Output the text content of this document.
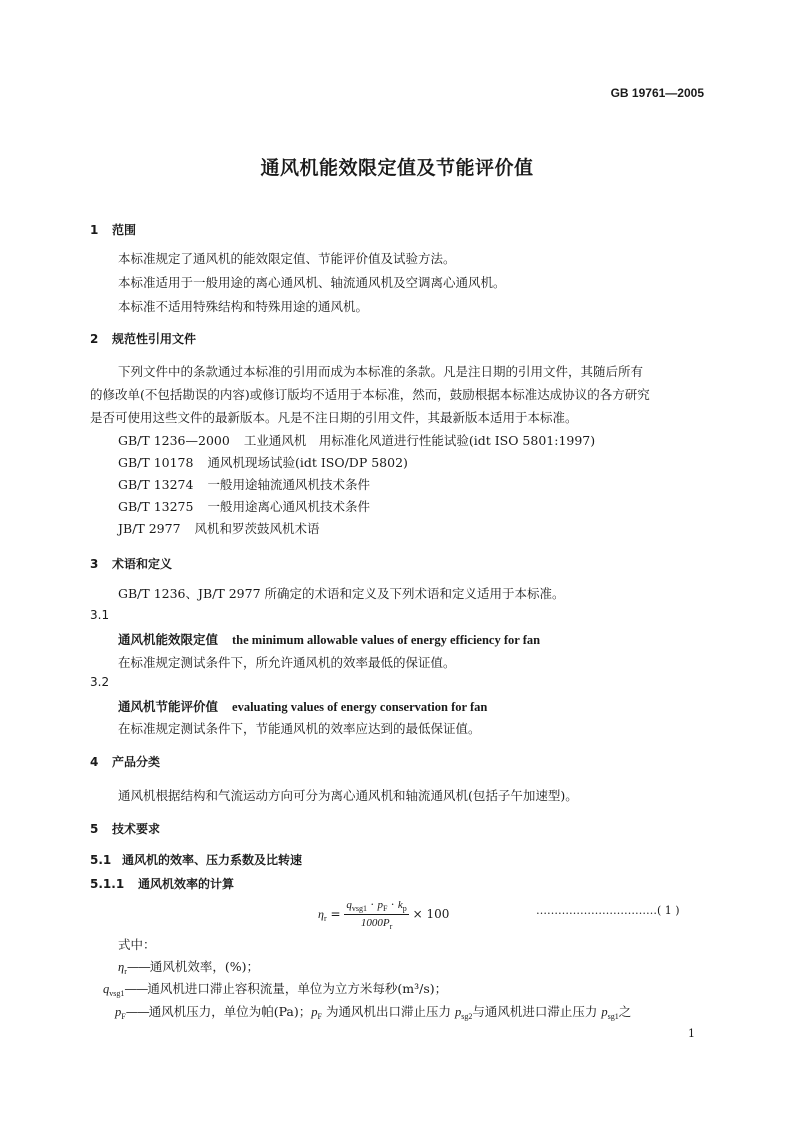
GB 19761—2005
通风机能效限定值及节能评价值
1 范围
本标准规定了通风机的能效限定值、节能评价值及试验方法。
本标准适用于一般用途的离心通风机、轴流通风机及空调离心通风机。
本标准不适用特殊结构和特殊用途的通风机。
2 规范性引用文件
下列文件中的条款通过本标准的引用而成为本标准的条款。凡是注日期的引用文件，其随后所有
的修改单(不包括勘误的内容)或修订版均不适用于本标准，然而，鼓励根据本标准达成协议的各方研究
是否可使用这些文件的最新版本。凡是不注日期的引用文件，其最新版本适用于本标准。
GB/T 1236—2000 工业通风机　用标准化风道进行性能试验(idt ISO 5801:1997)
GB/T 10178 通风机现场试验(idt ISO/DP 5802)
GB/T 13274 一般用途轴流通风机技术条件
GB/T 13275 一般用途离心通风机技术条件
JB/T 2977 风机和罗茨鼓风机术语
3 术语和定义
GB/T 1236、JB/T 2977 所确定的术语和定义及下列术语和定义适用于本标准。
3.1
通风机能效限定值 the minimum allowable values of energy efficiency for fan
在标准规定测试条件下，所允许通风机的效率最低的保证值。
3.2
通风机节能评价值 evaluating values of energy conservation for fan
在标准规定测试条件下，节能通风机的效率应达到的最低保证值。
4 产品分类
通风机根据结构和气流运动方向可分为离心通风机和轴流通风机(包括子午加速型)。
5 技术要求
5.1 通风机的效率、压力系数及比转速
5.1.1 通风机效率的计算
$\eta_r = \frac{q_{vsg1} \cdot p_F \cdot k_p}{1000P_r} \times 100$	……………………………( 1 )
式中：
$\eta_r——$通风机效率，(%)；
$q_{vsg1}——$通风机进口滞止容积流量，单位为立方米每秒(m³/s)；
$p_F——$通风机压力，单位为帕(Pa)；$p_F$ 为通风机出口滞止压力 $p_{sg2}$与通风机进口滞止压力 $p_{sg1}$之
1
